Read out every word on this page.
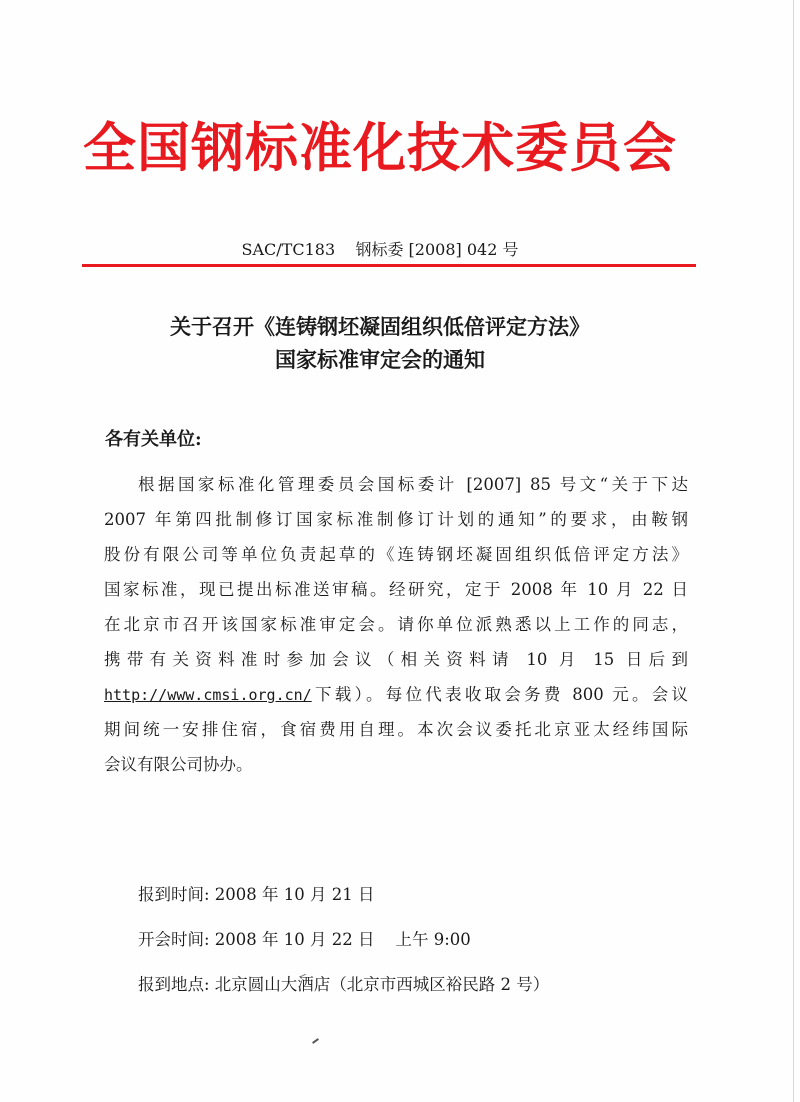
全国钢标准化技术委员会
SAC/TC183    钢标委 [2008] 042 号
关于召开《连铸钢坯凝固组织低倍评定方法》
国家标准审定会的通知
各有关单位:
根据国家标准化管理委员会国标委计 [2007] 85 号文“关于下达
2007 年第四批制修订国家标准制修订计划的通知”的要求，由鞍钢
股份有限公司等单位负责起草的《连铸钢坯凝固组织低倍评定方法》
国家标准，现已提出标准送审稿。经研究，定于 2008 年 10 月 22 日
在北京市召开该国家标准审定会。请你单位派熟悉以上工作的同志，
携带有关资料准时参加会议（相关资料请 10 月 15 日后到
http://www.cmsi.org.cn/下载）。每位代表收取会务费 800 元。会议
期间统一安排住宿，食宿费用自理。本次会议委托北京亚太经纬国际
会议有限公司协办。
报到时间: 2008 年 10 月 21 日
开会时间: 2008 年 10 月 22 日    上午 9:00
报到地点: 北京圆山大酒店（北京市西城区裕民路 2 号）
